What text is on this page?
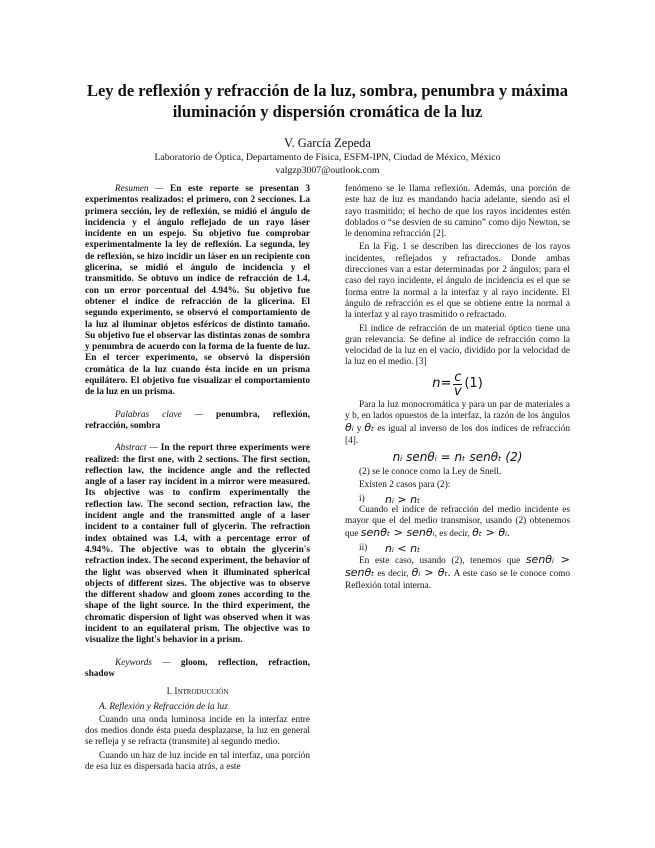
Ley de reflexión y refracción de la luz, sombra, penumbra y máxima iluminación y dispersión cromática de la luz
V. García Zepeda
Laboratorio de Óptica, Departamento de Física, ESFM-IPN, Ciudad de México, México
valgzp3007@outlook.com

Resumen — En este reporte se presentan 3 experimentos realizados: el primero, con 2 secciones. La primera sección, ley de reflexión, se midió el ángulo de incidencia y el ángulo reflejado de un rayo láser incidente en un espejo. Su objetivo fue comprobar experimentalmente la ley de reflexión. La segunda, ley de reflexión, se hizo incidir un láser en un recipiente con glicerina, se midió el ángulo de incidencia y el transmitido. Se obtuvo un índice de refracción de 1.4, con un error porcentual del 4.94%. Su objetivo fue obtener el índice de refracción de la glicerina. El segundo experimento, se observó el comportamiento de la luz al iluminar objetos esféricos de distinto tamaño. Su objetivo fue el observar las distintas zonas de sombra y penumbra de acuerdo con la forma de la fuente de luz. En el tercer experimento, se observó la dispersión cromática de la luz cuando ésta incide en un prisma equilátero. El objetivo fue visualizar el comportamiento de la luz en un prisma.

Palabras clave — penumbra, reflexión, refracción, sombra

Abstract — In the report three experiments were realized: the first one, with 2 sections. The first section, reflection law, the incidence angle and the reflected angle of a laser ray incident in a mirror were measured. Its objective was to confirm experimentally the reflection law. The second section, refraction law, the incident angle and the transmitted angle of a laser incident to a container full of glycerin. The refraction index obtained was 1.4, with a percentage error of 4.94%. The objective was to obtain the glycerin's refraction index. The second experiment, the behavior of the light was observed when it illuminated spherical objects of different sizes. The objective was to observe the different shadow and gloom zones according to the shape of the light source. In the third experiment, the chromatic dispersion of light was observed when it was incident to an equilateral prism. The objective was to visualize the light's behavior in a prism.

Keywords — gloom, reflection, refraction, shadow

I. Introducción
A. Reflexión y Refracción de la luz

Cuando una onda luminosa incide en la interfaz entre dos medios donde ésta pueda desplazarse, la luz en general se refleja y se refracta (transmite) al segundo medio.

Cuando un haz de luz incide en tal interfaz, una porción de esa luz es dispersada hacia atrás, a este

fenómeno se le llama reflexión. Además, una porción de este haz de luz es mandando hacia adelante, siendo así el rayo trasmitido; el hecho de que los rayos incidentes estén doblados o “se desvíen de su camino” como dijo Newton, se le denomina refracción [2].

En la Fig. 1 se describen las direcciones de los rayos incidentes, reflejados y refractados. Donde ambas direcciones van a estar determinadas por 2 ángulos; para el caso del rayo incidente, el ángulo de incidencia es el que se forma entre la normal a la interfaz y al rayo incidente. El ángulo de refracción es el que se obtiene entre la normal a la interfaz y al rayo trasmitido o refractado.

El índice de refracción de un material óptico tiene una gran relevancia. Se define al índice de refracción como la velocidad de la luz en el vacío, dividido por la velocidad de la luz en el medio. [3]

$n= \frac{c}{v} (1)$

Para la luz monocromática y para un par de materiales a y b, en lados opuestos de la interfaz, la razón de los ángulos θᵢ y θₜ es igual al inverso de los dos índices de refracción [4].

nᵢ senθᵢ = nₜ senθₜ (2)

(2) se le conoce como la Ley de Snell.

Existen 2 casos para (2):

i)	nᵢ > nₜ

Cuando el índice de refracción del medio incidente es mayor que el del medio transmisor, usando (2) obtenemos que senθₜ > senθᵢ, es decir, θₜ > θᵢ.

ii)	nᵢ < nₜ

En este caso, usando (2), tenemos que senθᵢ > senθₜ es decir, θᵢ > θₜ. A este caso se le conoce como Reflexión total interna.
